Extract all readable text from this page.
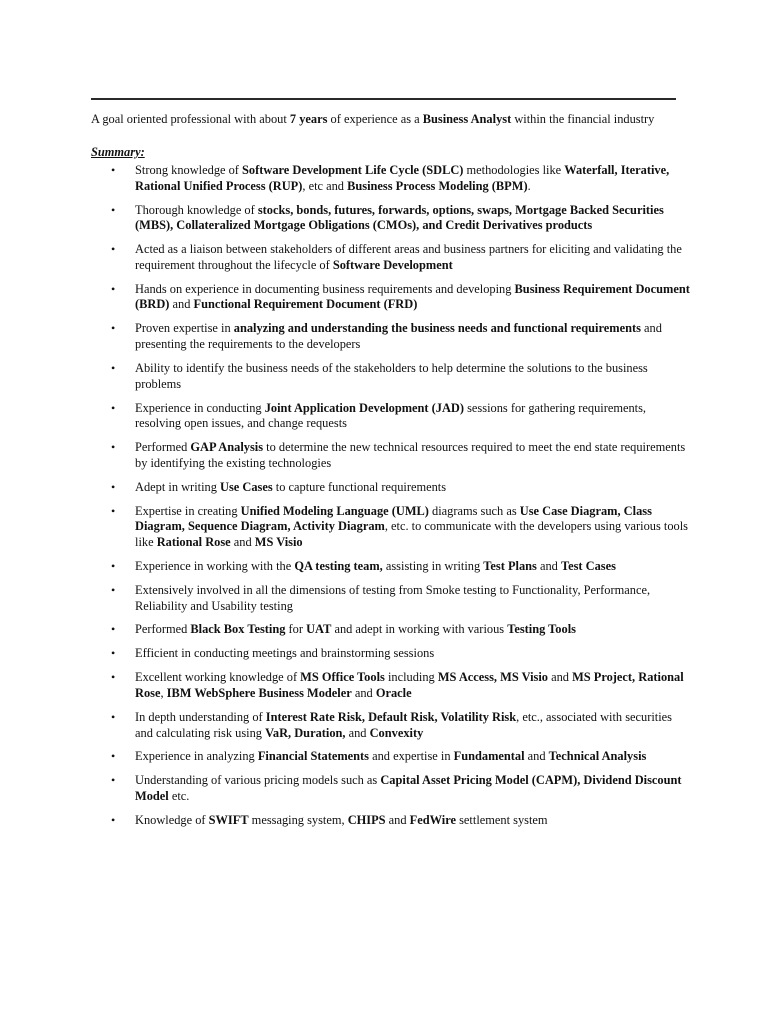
A goal oriented professional with about 7 years of experience as a Business Analyst within the financial industry
Summary:
•	Strong knowledge of Software Development Life Cycle (SDLC) methodologies like Waterfall, Iterative, Rational Unified Process (RUP), etc and Business Process Modeling (BPM).
•	Thorough knowledge of stocks, bonds, futures, forwards, options, swaps, Mortgage Backed Securities (MBS), Collateralized Mortgage Obligations (CMOs), and Credit Derivatives products
•	Acted as a liaison between stakeholders of different areas and business partners for eliciting and validating the requirement throughout the lifecycle of Software Development
•	Hands on experience in documenting business requirements and developing Business Requirement Document (BRD) and Functional Requirement Document (FRD)
•	Proven expertise in analyzing and understanding the business needs and functional requirements and presenting the requirements to the developers
•	Ability to identify the business needs of the stakeholders to help determine the solutions to the business problems
•	Experience in conducting Joint Application Development (JAD) sessions for gathering requirements, resolving open issues, and change requests
•	Performed GAP Analysis to determine the new technical resources required to meet the end state requirements by identifying the existing technologies
•	Adept in writing Use Cases to capture functional requirements
•	Expertise in creating Unified Modeling Language (UML) diagrams such as Use Case Diagram, Class Diagram, Sequence Diagram, Activity Diagram, etc. to communicate with the developers using various tools like Rational Rose and MS Visio
•	Experience in working with the QA testing team, assisting in writing Test Plans and Test Cases
•	Extensively involved in all the dimensions of testing from Smoke testing to Functionality, Performance, Reliability and Usability testing
•	Performed Black Box Testing for UAT and adept in working with various Testing Tools
•	Efficient in conducting meetings and brainstorming sessions
•	Excellent working knowledge of MS Office Tools including MS Access, MS Visio and MS Project, Rational Rose, IBM WebSphere Business Modeler and Oracle
•	In depth understanding of Interest Rate Risk, Default Risk, Volatility Risk, etc., associated with securities and calculating risk using VaR, Duration, and Convexity
•	Experience in analyzing Financial Statements and expertise in Fundamental and Technical Analysis
•	Understanding of various pricing models such as Capital Asset Pricing Model (CAPM), Dividend Discount Model etc.
•	Knowledge of SWIFT messaging system, CHIPS and FedWire settlement system
